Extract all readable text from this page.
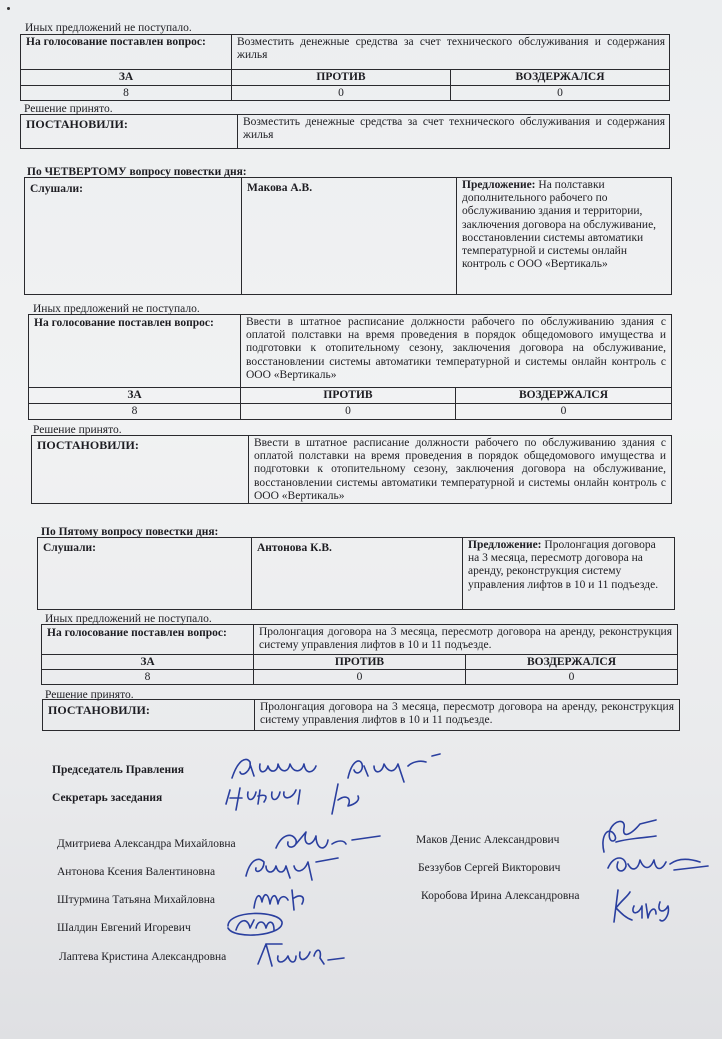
Иных предложений не поступало.
На голосование поставлен вопрос:	Возместить денежные средства за счет технического обслуживания и содержания жилья
ЗА	ПРОТИВ	ВОЗДЕРЖАЛСЯ
8	0	0
Решение принято.
ПОСТАНОВИЛИ:	Возместить денежные средства за счет технического обслуживания и содержания жилья
По ЧЕТВЕРТОМУ вопросу повестки дня:
Слушали:	Макова А.В.	Предложение: На полставки дополнительного рабочего по обслуживанию здания и территории, заключения договора на обслуживание, восстановлении системы автоматики температурной и системы онлайн контроль с ООО «Вертикаль»
Иных предложений не поступало.
На голосование поставлен вопрос:	Ввести в штатное расписание должности рабочего по обслуживанию здания с оплатой полставки на время проведения в порядок общедомового имущества и подготовки к отопительному сезону, заключения договора на обслуживание, восстановлении системы автоматики температурной и системы онлайн контроль с ООО «Вертикаль»
ЗА	ПРОТИВ	ВОЗДЕРЖАЛСЯ
8	0	0
Решение принято.
ПОСТАНОВИЛИ:	Ввести в штатное расписание должности рабочего по обслуживанию здания с оплатой полставки на время проведения в порядок общедомового имущества и подготовки к отопительному сезону, заключения договора на обслуживание, восстановлении системы автоматики температурной и системы онлайн контроль с ООО «Вертикаль»
По Пятому вопросу повестки дня:
Слушали:	Антонова К.В.	Предложение: Пролонгация договора на 3 месяца, пересмотр договора на аренду, реконструкция систему управления лифтов в 10 и 11 подъезде.
Иных предложений не поступало.
На голосование поставлен вопрос:	Пролонгация договора на 3 месяца, пересмотр договора на аренду, реконструкция систему управления лифтов в 10 и 11 подъезде.
ЗА	ПРОТИВ	ВОЗДЕРЖАЛСЯ
8	0	0
Решение принято.
ПОСТАНОВИЛИ:	Пролонгация договора на 3 месяца, пересмотр договора на аренду, реконструкция систему управления лифтов в 10 и 11 подъезде.
Председатель Правления
Секретарь заседания
Дмитриева Александра Михайловна
Антонова Ксения Валентиновна
Штурмина Татьяна Михайловна
Шалдин Евгений Игоревич
Лаптева Кристина Александровна
Маков Денис Александрович
Беззубов Сергей Викторович
Коробова Ирина Александровна
